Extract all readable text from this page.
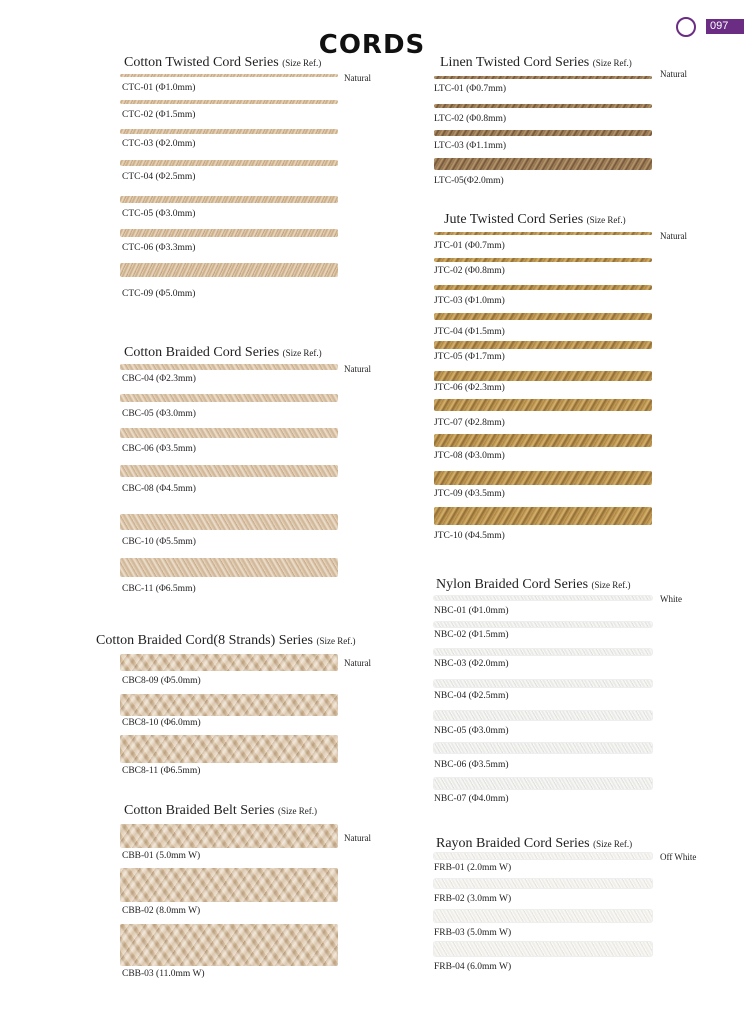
CORDS
097
Cotton Twisted Cord Series (Size Ref.)
Natural
CTC-01 (Φ1.0mm)
CTC-02 (Φ1.5mm)
CTC-03 (Φ2.0mm)
CTC-04 (Φ2.5mm)
CTC-05 (Φ3.0mm)
CTC-06 (Φ3.3mm)
CTC-09 (Φ5.0mm)
Cotton Braided Cord Series (Size Ref.)
Natural
CBC-04 (Φ2.3mm)
CBC-05 (Φ3.0mm)
CBC-06 (Φ3.5mm)
CBC-08 (Φ4.5mm)
CBC-10 (Φ5.5mm)
CBC-11 (Φ6.5mm)
Cotton Braided Cord(8 Strands) Series (Size Ref.)
Natural
CBC8-09 (Φ5.0mm)
CBC8-10 (Φ6.0mm)
CBC8-11 (Φ6.5mm)
Cotton Braided Belt Series (Size Ref.)
Natural
CBB-01 (5.0mm W)
CBB-02 (8.0mm W)
CBB-03 (11.0mm W)
Linen Twisted Cord Series (Size Ref.)
Natural
LTC-01 (Φ0.7mm)
LTC-02 (Φ0.8mm)
LTC-03 (Φ1.1mm)
LTC-05(Φ2.0mm)
Jute Twisted Cord Series (Size Ref.)
Natural
JTC-01 (Φ0.7mm)
JTC-02 (Φ0.8mm)
JTC-03 (Φ1.0mm)
JTC-04 (Φ1.5mm)
JTC-05 (Φ1.7mm)
JTC-06 (Φ2.3mm)
JTC-07 (Φ2.8mm)
JTC-08 (Φ3.0mm)
JTC-09 (Φ3.5mm)
JTC-10 (Φ4.5mm)
Nylon Braided Cord Series (Size Ref.)
White
NBC-01 (Φ1.0mm)
NBC-02 (Φ1.5mm)
NBC-03 (Φ2.0mm)
NBC-04 (Φ2.5mm)
NBC-05 (Φ3.0mm)
NBC-06 (Φ3.5mm)
NBC-07 (Φ4.0mm)
Rayon Braided Cord Series (Size Ref.)
Off White
FRB-01 (2.0mm W)
FRB-02 (3.0mm W)
FRB-03 (5.0mm W)
FRB-04 (6.0mm W)
